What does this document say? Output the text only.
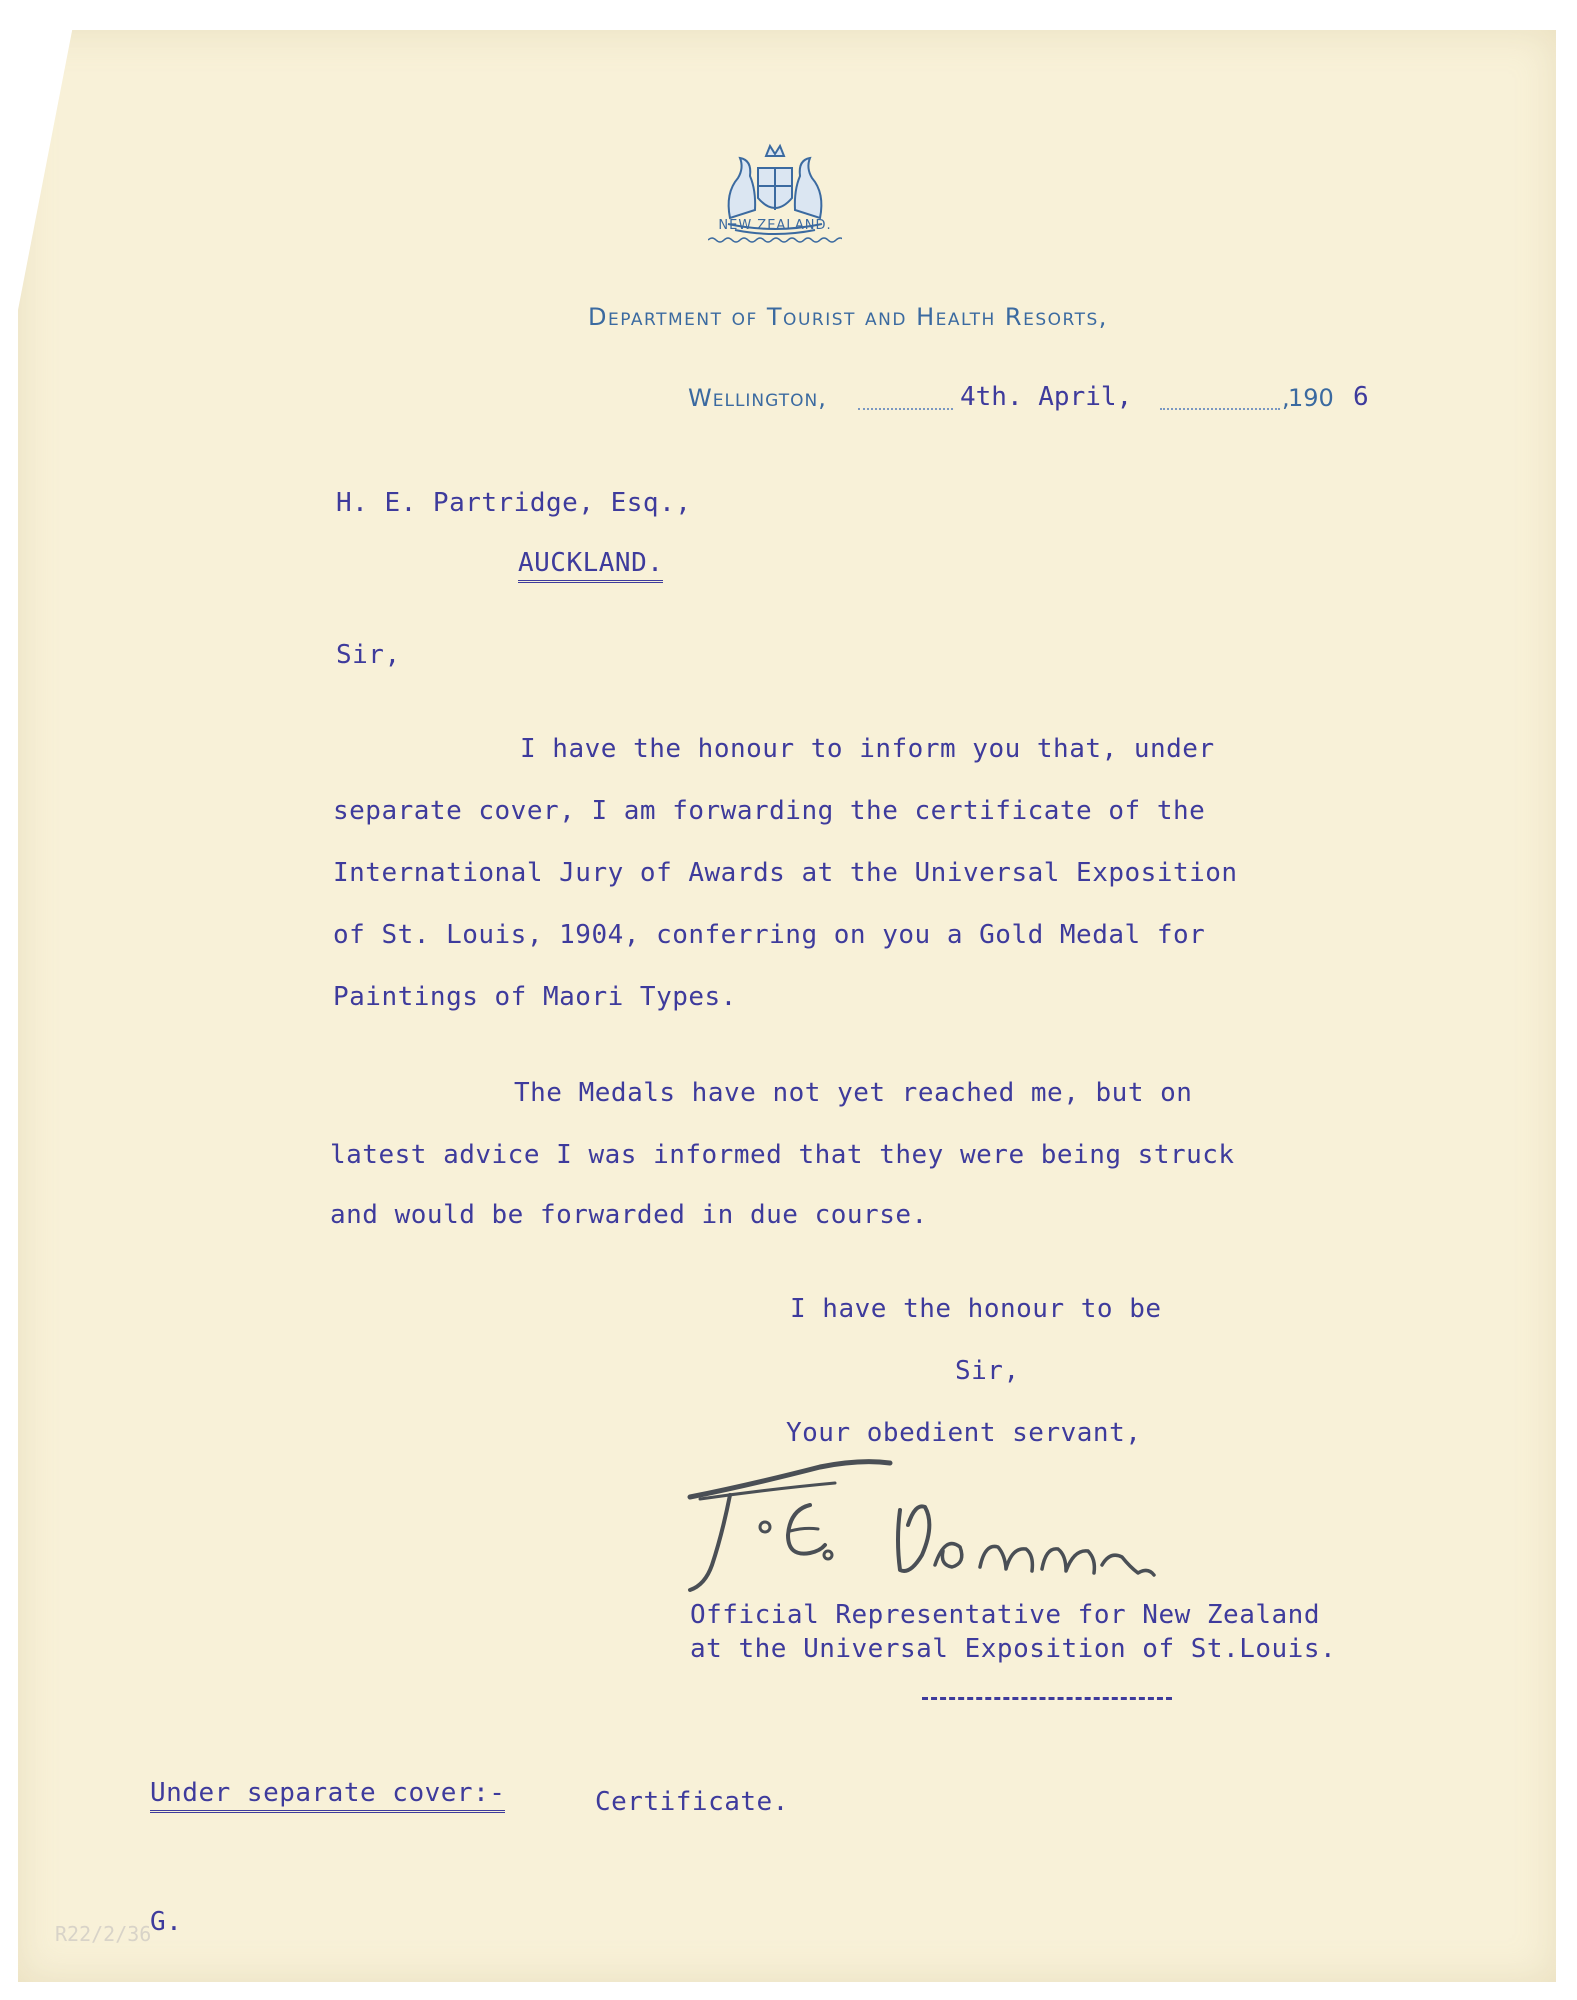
NEW ZEALAND.
Department of Tourist and Health Resorts,
Wellington,	4th. April,	,
190 6
H. E. Partridge, Esq.,
AUCKLAND.
Sir,
I have the honour to inform you that, under
separate cover, I am forwarding the certificate of the
International Jury of Awards at the Universal Exposition
of St. Louis, 1904, conferring on you a Gold Medal for
Paintings of Maori Types.
The Medals have not yet reached me, but on
latest advice I was informed that they were being struck
and would be forwarded in due course.
I have the honour to be
Sir,
Your obedient servant,
Official Representative for New Zealand
at the Universal Exposition of St.Louis.
Under separate cover:-	Certificate.
G.
R22/2/36
